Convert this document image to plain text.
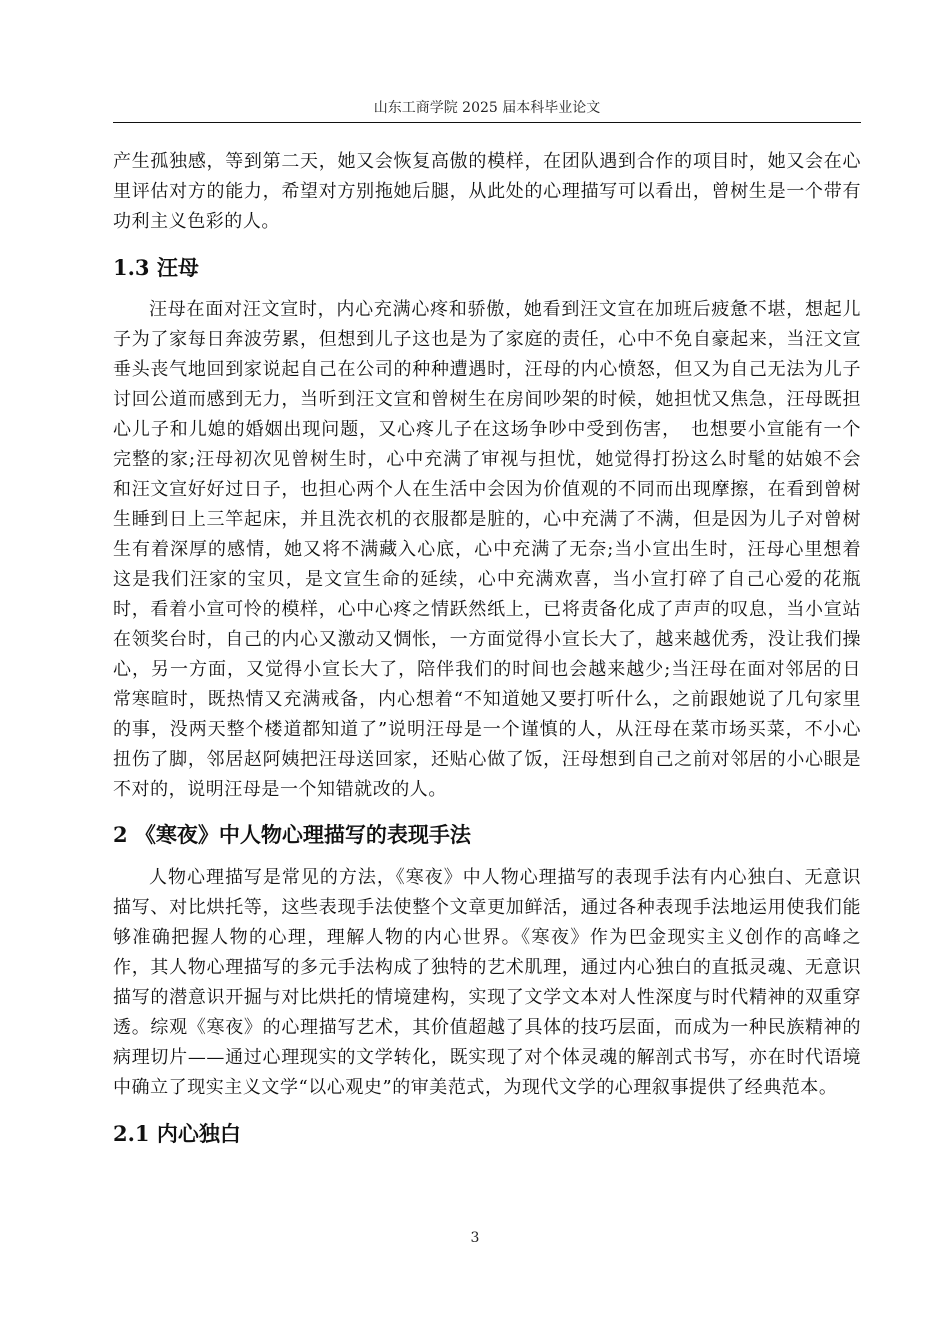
山东工商学院 2025 届本科毕业论文

产生孤独感，等到第二天，她又会恢复高傲的模样，在团队遇到合作的项目时，她又会在心里评估对方的能力，希望对方别拖她后腿，从此处的心理描写可以看出，曾树生是一个带有功利主义色彩的人。

1.3 汪母

汪母在面对汪文宣时，内心充满心疼和骄傲，她看到汪文宣在加班后疲惫不堪，想起儿子为了家每日奔波劳累，但想到儿子这也是为了家庭的责任，心中不免自豪起来，当汪文宣垂头丧气地回到家说起自己在公司的种种遭遇时，汪母的内心愤怒，但又为自己无法为儿子讨回公道而感到无力，当听到汪文宣和曾树生在房间吵架的时候，她担忧又焦急，汪母既担心儿子和儿媳的婚姻出现问题，又心疼儿子在这场争吵中受到伤害，　也想要小宣能有一个完整的家;汪母初次见曾树生时，心中充满了审视与担忧，她觉得打扮这么时髦的姑娘不会和汪文宣好好过日子，也担心两个人在生活中会因为价值观的不同而出现摩擦，在看到曾树生睡到日上三竿起床，并且洗衣机的衣服都是脏的，心中充满了不满，但是因为儿子对曾树生有着深厚的感情，她又将不满藏入心底，心中充满了无奈;当小宣出生时，汪母心里想着这是我们汪家的宝贝，是文宣生命的延续，心中充满欢喜，当小宣打碎了自己心爱的花瓶时，看着小宣可怜的模样，心中心疼之情跃然纸上，已将责备化成了声声的叹息，当小宣站在领奖台时，自己的内心又激动又惆怅，一方面觉得小宣长大了，越来越优秀，没让我们操心，另一方面，又觉得小宣长大了，陪伴我们的时间也会越来越少;当汪母在面对邻居的日常寒暄时，既热情又充满戒备，内心想着“不知道她又要打听什么，之前跟她说了几句家里的事，没两天整个楼道都知道了”说明汪母是一个谨慎的人，从汪母在菜市场买菜，不小心扭伤了脚，邻居赵阿姨把汪母送回家，还贴心做了饭，汪母想到自己之前对邻居的小心眼是不对的，说明汪母是一个知错就改的人。

2 《寒夜》中人物心理描写的表现手法

人物心理描写是常见的方法，《寒夜》中人物心理描写的表现手法有内心独白、无意识描写、对比烘托等，这些表现手法使整个文章更加鲜活，通过各种表现手法地运用使我们能够准确把握人物的心理，理解人物的内心世界。《寒夜》作为巴金现实主义创作的高峰之作，其人物心理描写的多元手法构成了独特的艺术肌理，通过内心独白的直抵灵魂、无意识描写的潜意识开掘与对比烘托的情境建构，实现了文学文本对人性深度与时代精神的双重穿透。综观《寒夜》的心理描写艺术，其价值超越了具体的技巧层面，而成为一种民族精神的病理切片——通过心理现实的文学转化，既实现了对个体灵魂的解剖式书写，亦在时代语境中确立了现实主义文学“以心观史”的审美范式，为现代文学的心理叙事提供了经典范本。

2.1 内心独白
3
